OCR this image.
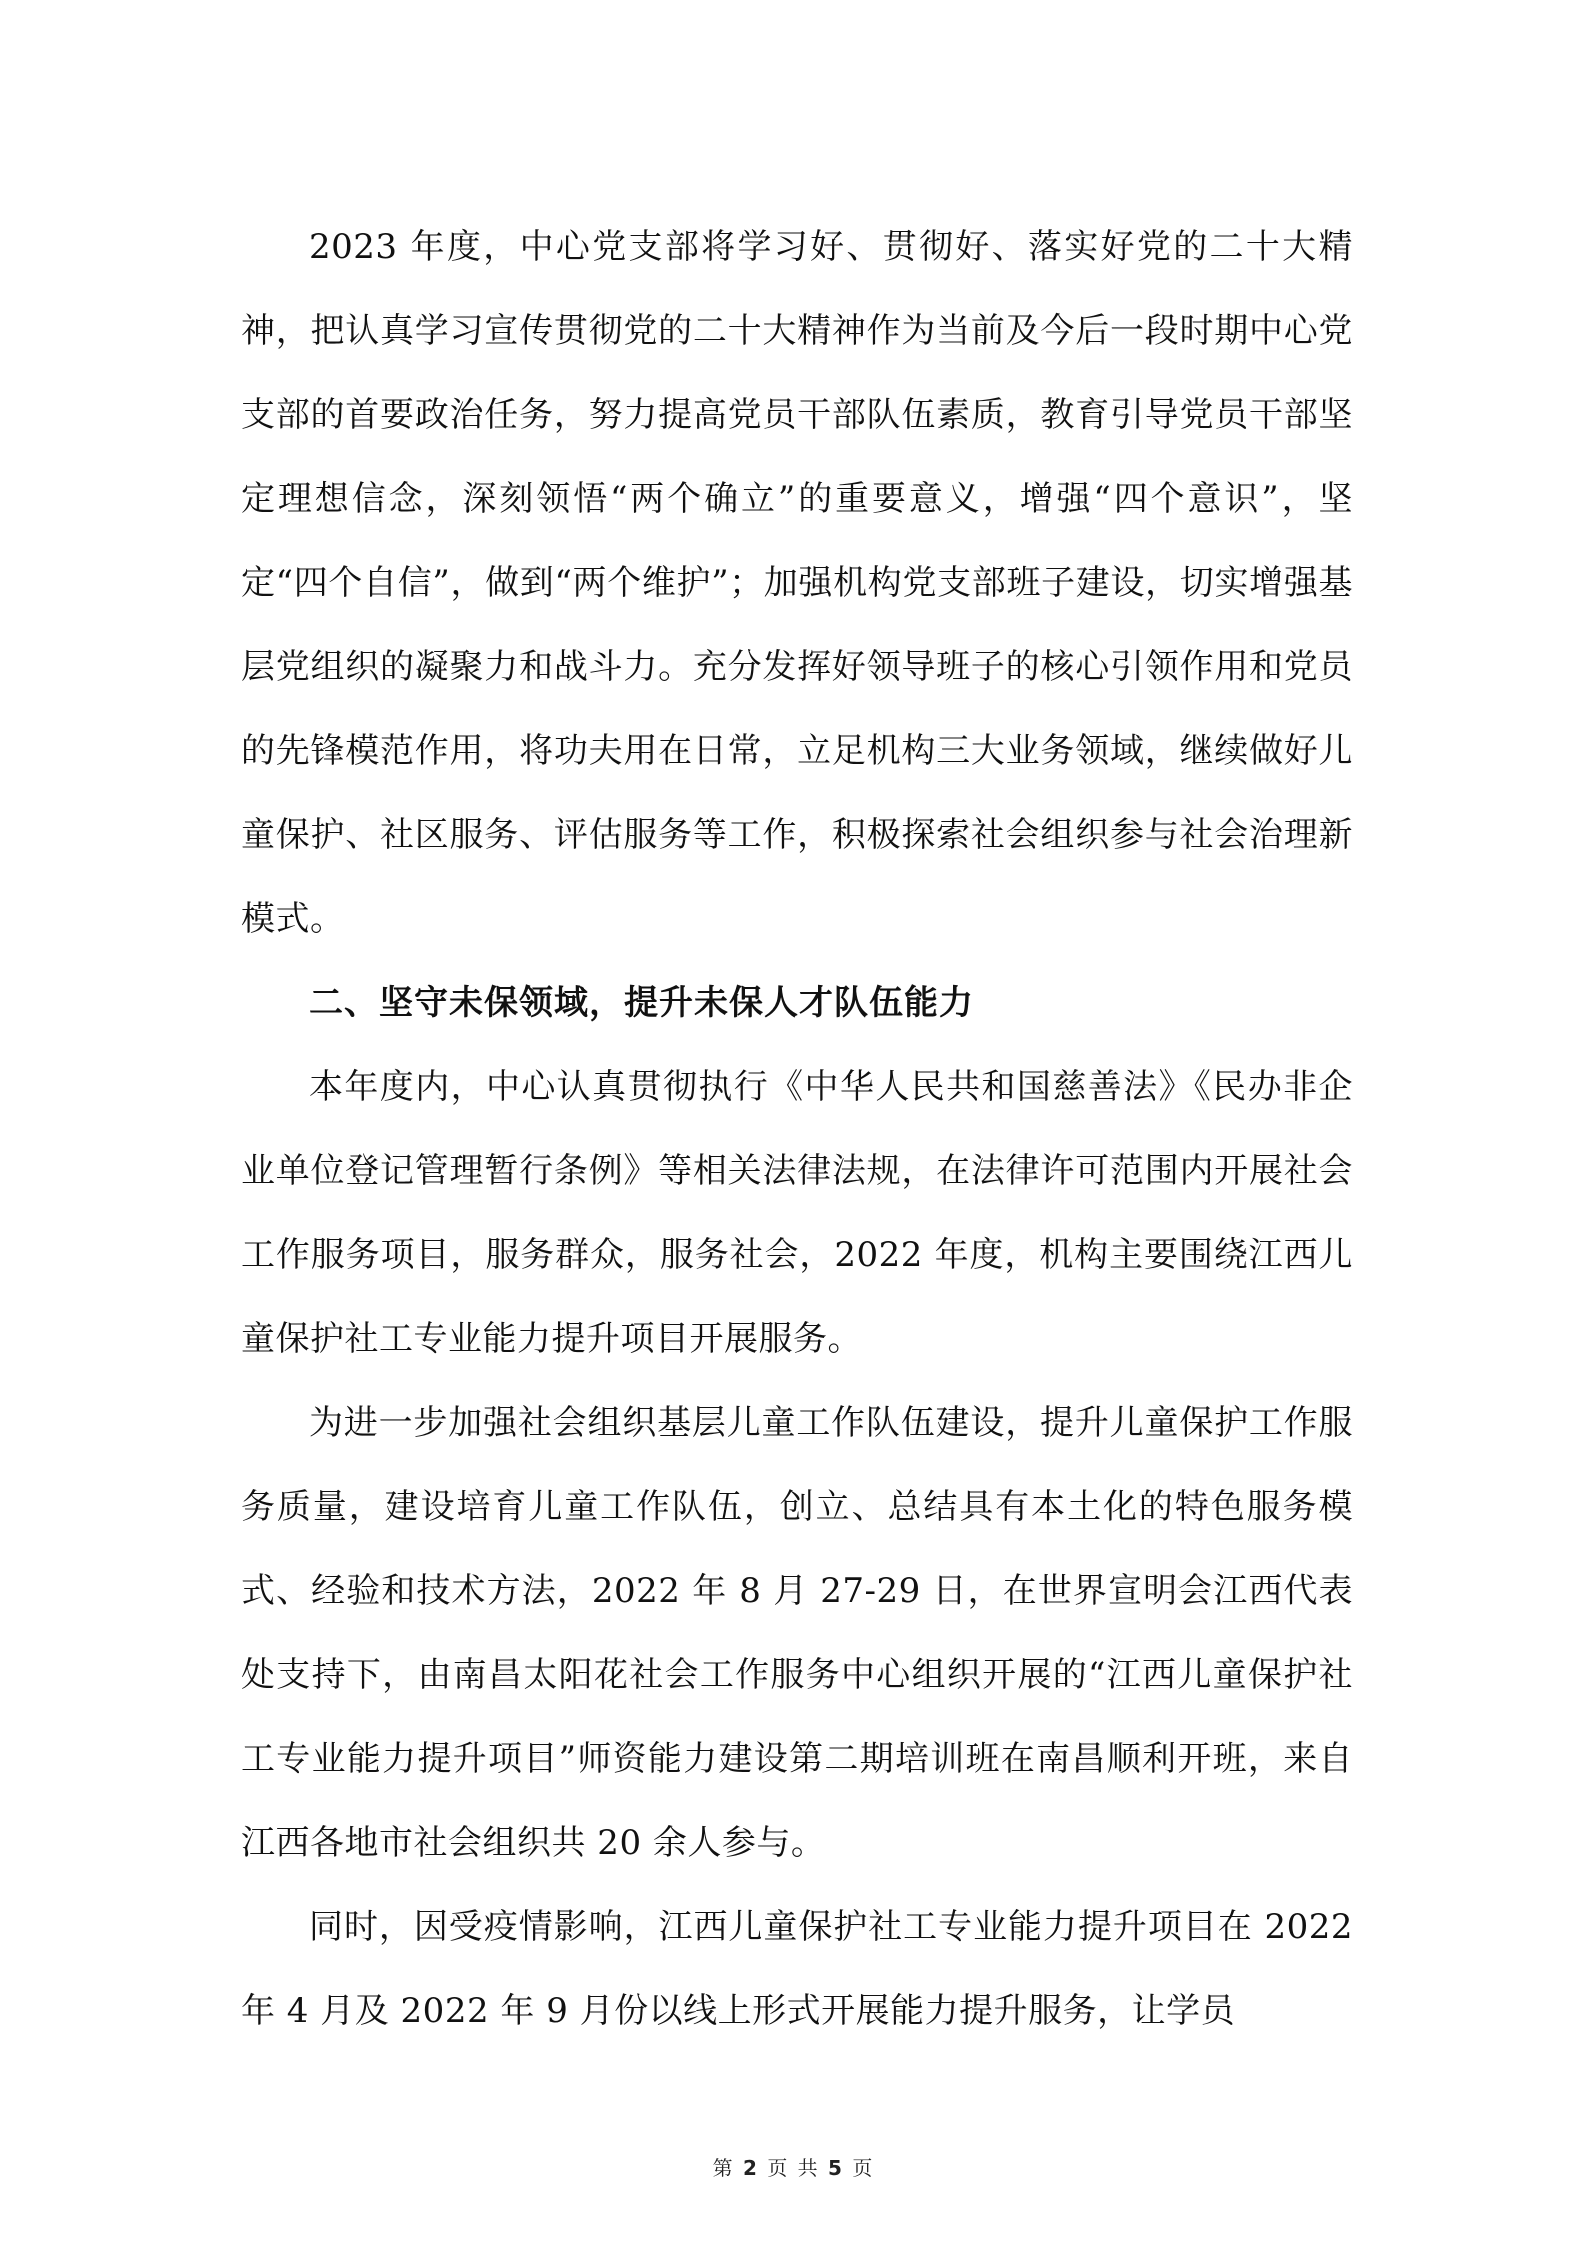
2023 年度，中心党支部将学习好、贯彻好、落实好党的二十大精神，把认真学习宣传贯彻党的二十大精神作为当前及今后一段时期中心党支部的首要政治任务，努力提高党员干部队伍素质，教育引导党员干部坚定理想信念，深刻领悟“两个确立”的重要意义，增强“四个意识”，坚定“四个自信”，做到“两个维护”；加强机构党支部班子建设，切实增强基层党组织的凝聚力和战斗力。充分发挥好领导班子的核心引领作用和党员的先锋模范作用，将功夫用在日常，立足机构三大业务领域，继续做好儿童保护、社区服务、评估服务等工作，积极探索社会组织参与社会治理新模式。

二、坚守未保领域，提升未保人才队伍能力

本年度内，中心认真贯彻执行《中华人民共和国慈善法》《民办非企业单位登记管理暂行条例》等相关法律法规，在法律许可范围内开展社会工作服务项目，服务群众，服务社会，2022 年度，机构主要围绕江西儿童保护社工专业能力提升项目开展服务。

为进一步加强社会组织基层儿童工作队伍建设，提升儿童保护工作服务质量，建设培育儿童工作队伍，创立、总结具有本土化的特色服务模式、经验和技术方法，2022 年 8 月 27-29 日，在世界宣明会江西代表处支持下，由南昌太阳花社会工作服务中心组织开展的“江西儿童保护社工专业能力提升项目”师资能力建设第二期培训班在南昌顺利开班，来自江西各地市社会组织共 20 余人参与。

同时，因受疫情影响，江西儿童保护社工专业能力提升项目在 2022 年 4 月及 2022 年 9 月份以线上形式开展能力提升服务，让学员

第 2 页 共 5 页
